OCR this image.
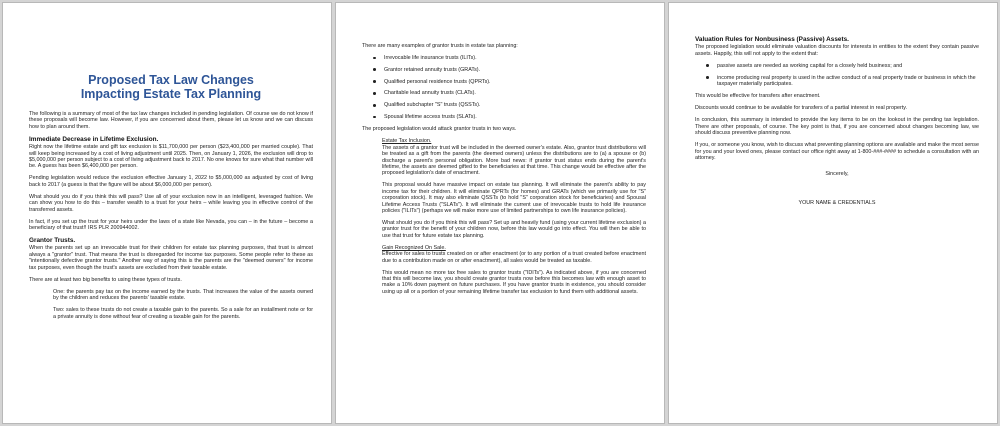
Proposed Tax Law Changes
Impacting Estate Tax Planning

The following is a summary of most of the tax law changes included in pending legislation. Of course we do not know if these proposals will become law. However, if you are concerned about them, please let us know and we can discuss how to plan around them.

Immediate Decrease in Lifetime Exclusion.

Right now the lifetime estate and gift tax exclusion is $11,700,000 per person ($23,400,000 per married couple). That will keep being increased by a cost of living adjustment until 2025. Then, on January 1, 2026, the exclusion will drop to $5,000,000 per person subject to a cost of living adjustment back to 2017. No one knows for sure what that number will be. A guess has been $6,400,000 per person.

Pending legislation would reduce the exclusion effective January 1, 2022 to $5,000,000 as adjusted by cost of living back to 2017 (a guess is that the figure will be about $6,000,000 per person).

What should you do if you think this will pass? Use all of your exclusion now in an intelligent, leveraged fashion. We can show you how to do this – transfer wealth to a trust for your heirs – while leaving you in effective control of the transferred assets.

In fact, if you set up the trust for your heirs under the laws of a state like Nevada, you can – in the future – become a beneficiary of that trust!! IRS PLR 200944002.

Grantor Trusts.

When the parents set up an irrevocable trust for their children for estate tax planning purposes, that trust is almost always a "grantor" trust. That means the trust is disregarded for income tax purposes. Some people refer to these as "intentionally defective grantor trusts." Another way of saying this is the parents are the "deemed owners" for income tax purposes, even though the trust's assets are excluded from their taxable estate.

There are at least two big benefits to using these types of trusts.

One: the parents pay tax on the income earned by the trusts. That increases the value of the assets owned by the children and reduces the parents' taxable estate.

Two: sales to these trusts do not create a taxable gain to the parents. So a sale for an installment note or for a private annuity is done without fear of creating a taxable gain for the parents.

There are many examples of grantor trusts in estate tax planning:

Irrevocable life insurance trusts (ILITs).
Grantor retained annuity trusts (GRATs).
Qualified personal residence trusts (QPRTs).
Charitable lead annuity trusts (CLATs).
Qualified subchapter "S" trusts (QSSTs).
Spousal lifetime access trusts (SLATs).

The proposed legislation would attack grantor trusts in two ways.

Estate Tax Inclusion.

The assets of a grantor trust will be included in the deemed owner's estate. Also, grantor trust distributions will be treated as a gift from the parents (the deemed owners) unless the distributions are to (a) a spouse or (b) discharge a parent's personal obligation. More bad news: if grantor trust status ends during the parent's lifetime, the assets are deemed gifted to the beneficiaries at that time. This change would be effective after the proposed legislation's date of enactment.

This proposal would have massive impact on estate tax planning. It will eliminate the parent's ability to pay income tax for their children. It will eliminate QPRTs (for homes) and GRATs (which we primarily use for "S" corporation stock). It may also eliminate QSSTs (to hold "S" corporation stock for beneficiaries) and Spousal Lifetime Access Trusts ("SLATs"). It will eliminate the current use of irrevocable trusts to hold life insurance policies ("ILITs") (perhaps we will make more use of limited partnerships to own life insurance policies).

What should you do if you think this will pass? Set up and heavily fund (using your current lifetime exclusion) a grantor trust for the benefit of your children now, before this law would go into effect. You will then be able to use that trust for future estate tax planning.

Gain Recognized On Sale.

Effective for sales to trusts created on or after enactment (or to any portion of a trust created before enactment due to a contribution made on or after enactment), all sales would be treated as taxable.

This would mean no more tax free sales to grantor trusts ("IDITs"). As indicated above, if you are concerned that this will become law, you should create grantor trusts now before this becomes law with enough asset to make a 10% down payment on future purchases. If you have grantor trusts in existence, you should consider using up all or a portion of your remaining lifetime transfer tax exclusion to fund them with additional assets.

Valuation Rules for Nonbusiness (Passive) Assets.

The proposed legislation would eliminate valuation discounts for interests in entities to the extent they contain passive assets. Happily, this will not apply to the extent that:

passive assets are needed as working capital for a closely held business; and
income producing real property is used in the active conduct of a real property trade or business in which the taxpayer materially participates.

This would be effective for transfers after enactment.

Discounts would continue to be available for transfers of a partial interest in real property.

In conclusion, this summary is intended to provide the key items to be on the lookout in the pending tax legislation. There are other proposals, of course. The key point is that, if you are concerned about changes becoming law, we should discuss preventive planning now.

If you, or someone you know, wish to discuss what preventing planning options are available and make the most sense for you and your loved ones, please contact our office right away at 1-800-###-#### to schedule a consultation with an attorney.

Sincerely,

YOUR NAME & CREDENTIALS
